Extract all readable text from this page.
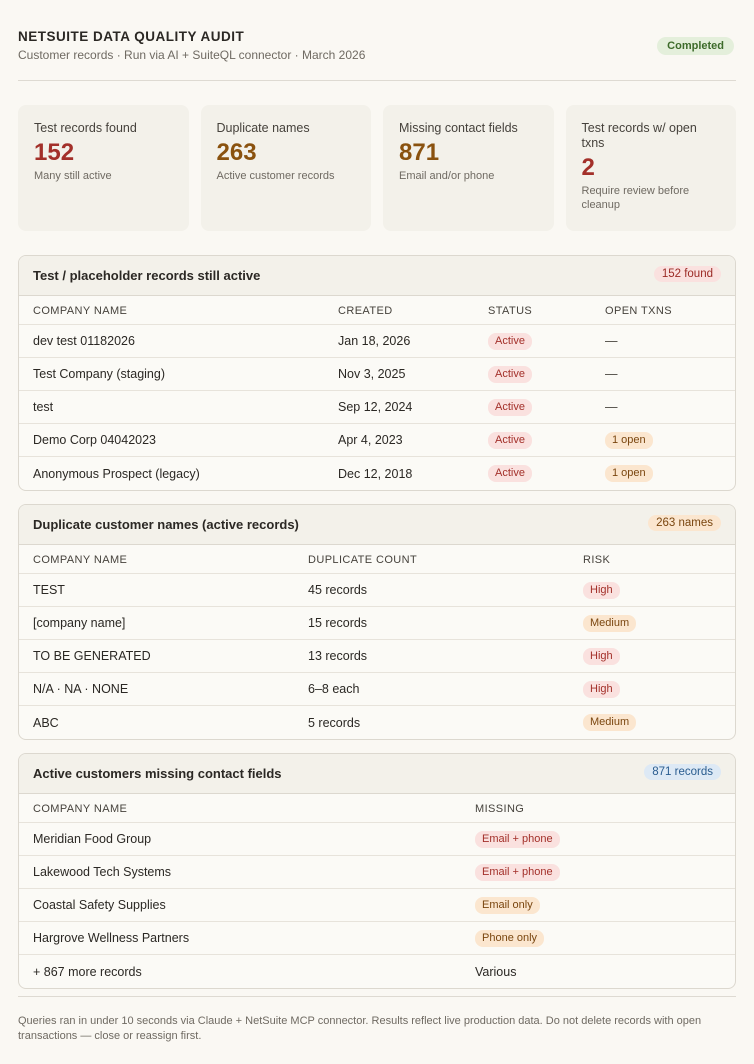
NETSUITE DATA QUALITY AUDIT
Customer records · Run via AI + SuiteQL connector · March 2026
Completed
Test records found
152
Many still active
Duplicate names
263
Active customer records
Missing contact fields
871
Email and/or phone
Test records w/ open txns
2
Require review before cleanup
Test / placeholder records still active	152 found
COMPANY NAME	CREATED	STATUS	OPEN TXNS
dev test 01182026	Jan 18, 2026	Active	—
Test Company (staging)	Nov 3, 2025	Active	—
test	Sep 12, 2024	Active	—
Demo Corp 04042023	Apr 4, 2023	Active	1 open
Anonymous Prospect (legacy)	Dec 12, 2018	Active	1 open
Duplicate customer names (active records)	263 names
COMPANY NAME	DUPLICATE COUNT	RISK
TEST	45 records	High
[company name]	15 records	Medium
TO BE GENERATED	13 records	High
N/A · NA · NONE	6–8 each	High
ABC	5 records	Medium
Active customers missing contact fields	871 records
COMPANY NAME	MISSING
Meridian Food Group	Email + phone
Lakewood Tech Systems	Email + phone
Coastal Safety Supplies	Email only
Hargrove Wellness Partners	Phone only
+ 867 more records	Various
Queries ran in under 10 seconds via Claude + NetSuite MCP connector. Results reflect live production data. Do not delete records with open transactions — close or reassign first.
